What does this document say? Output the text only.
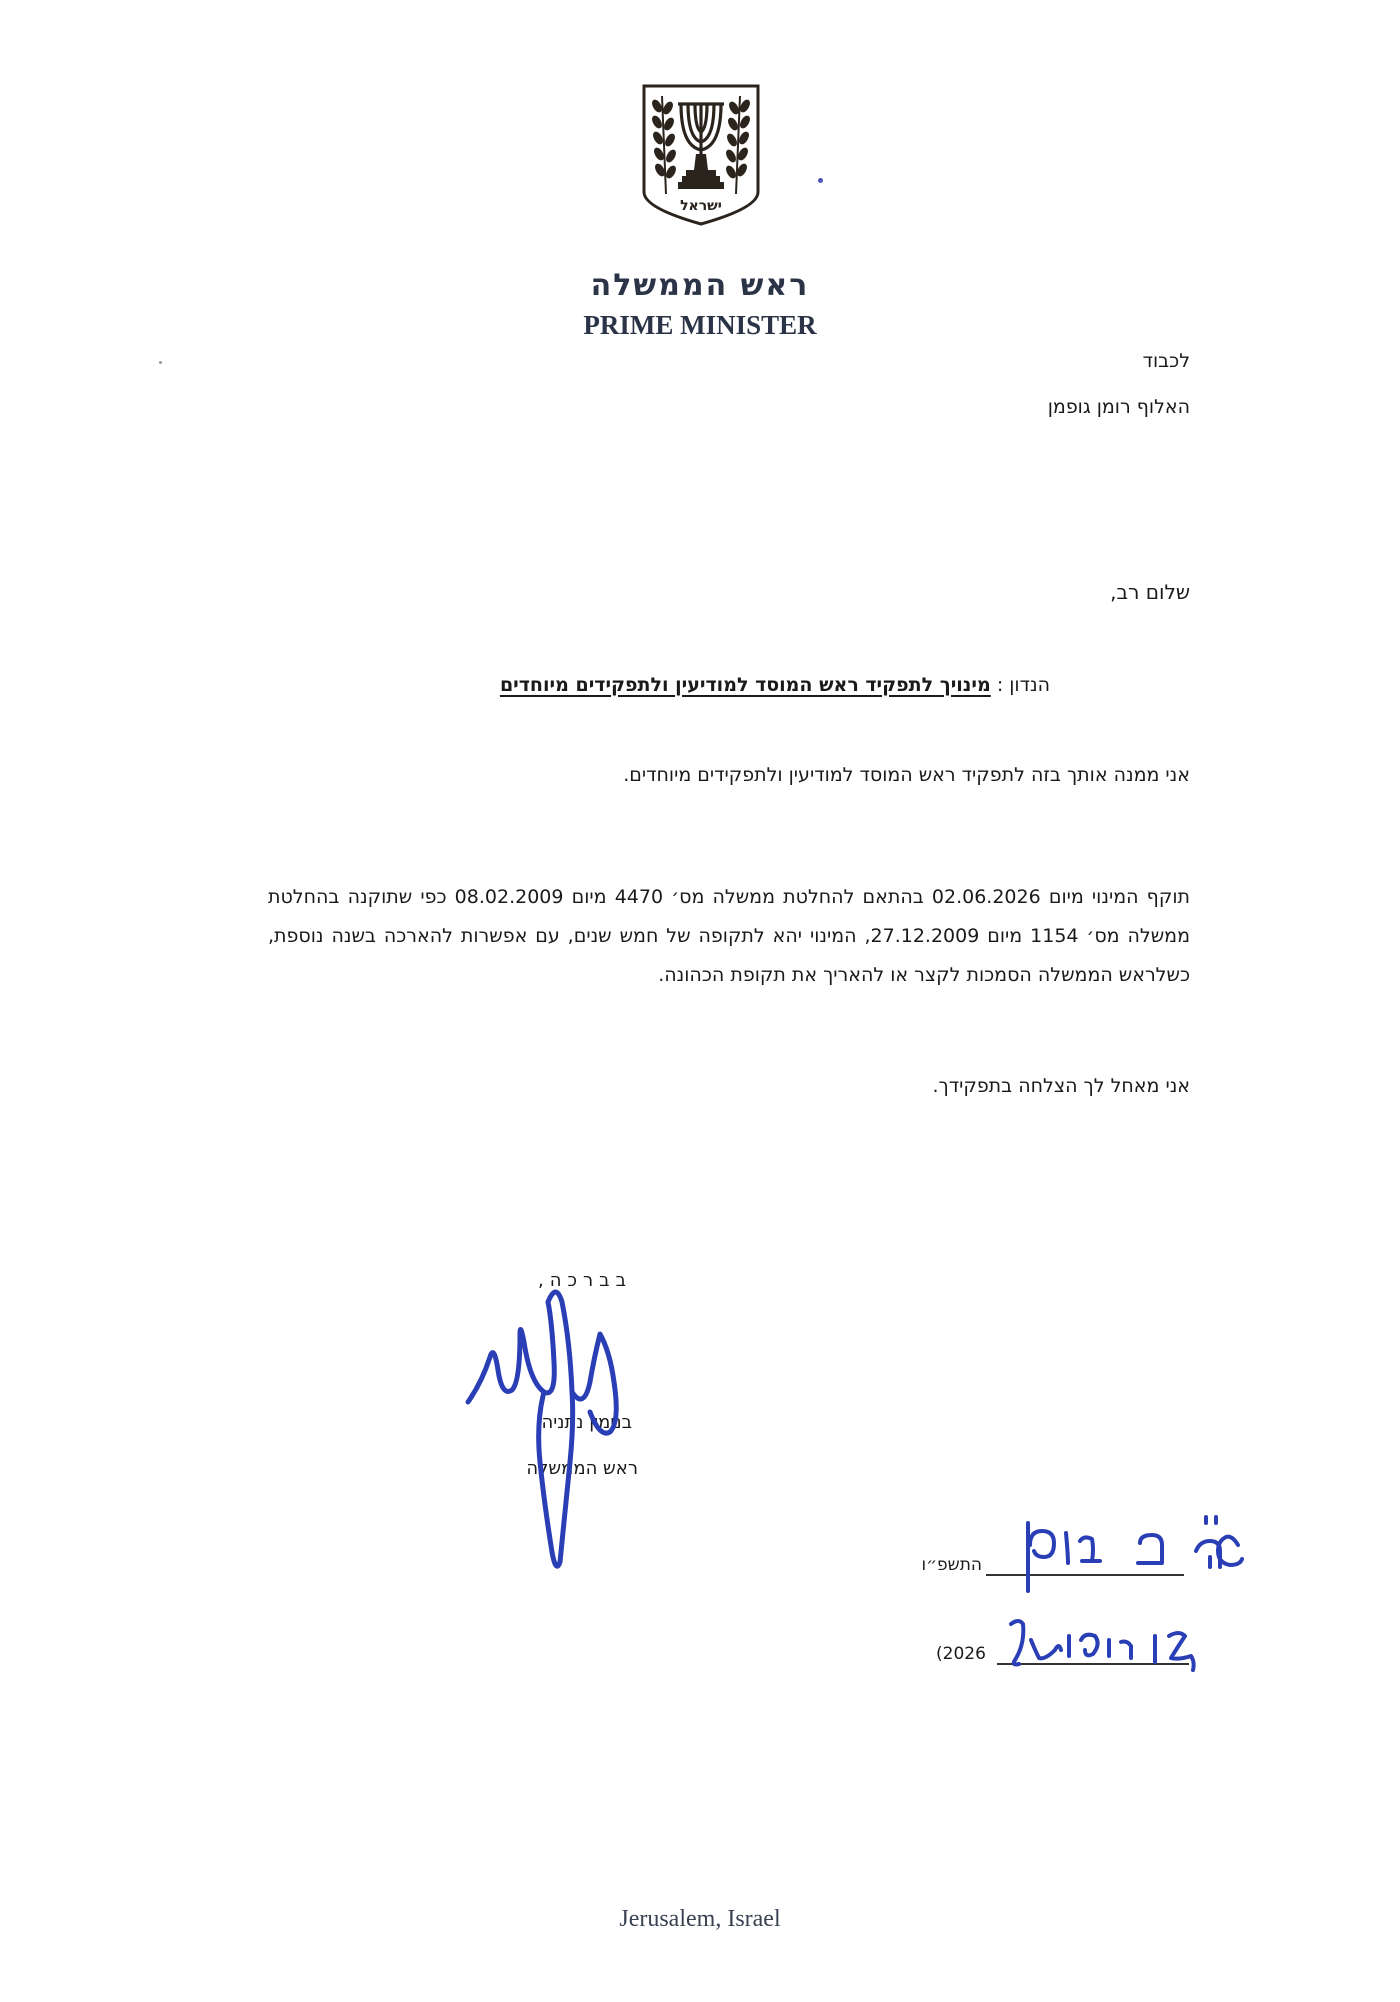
ישראל
ראש הממשלה
PRIME MINISTER
לכבוד
האלוף רומן גופמן
שלום רב,
הנדון : מינויך לתפקיד ראש המוסד למודיעין ולתפקידים מיוחדים
אני ממנה אותך בזה לתפקיד ראש המוסד למודיעין ולתפקידים מיוחדים.
תוקף המינוי מיום 02.06.2026 בהתאם להחלטת ממשלה מס׳ 4470 מיום 08.02.2009 כפי שתוקנה בהחלטת ממשלה מס׳ 1154 מיום 27.12.2009, המינוי יהא לתקופה של חמש שנים, עם אפשרות להארכה בשנה נוספת, כשלראש הממשלה הסמכות לקצר או להאריך את תקופת הכהונה.
אני מאחל לך הצלחה בתפקידך.
בברכה,
בנימין נתניהו
ראש הממשלה
התשפ״ו
(2026
Jerusalem, Israel
